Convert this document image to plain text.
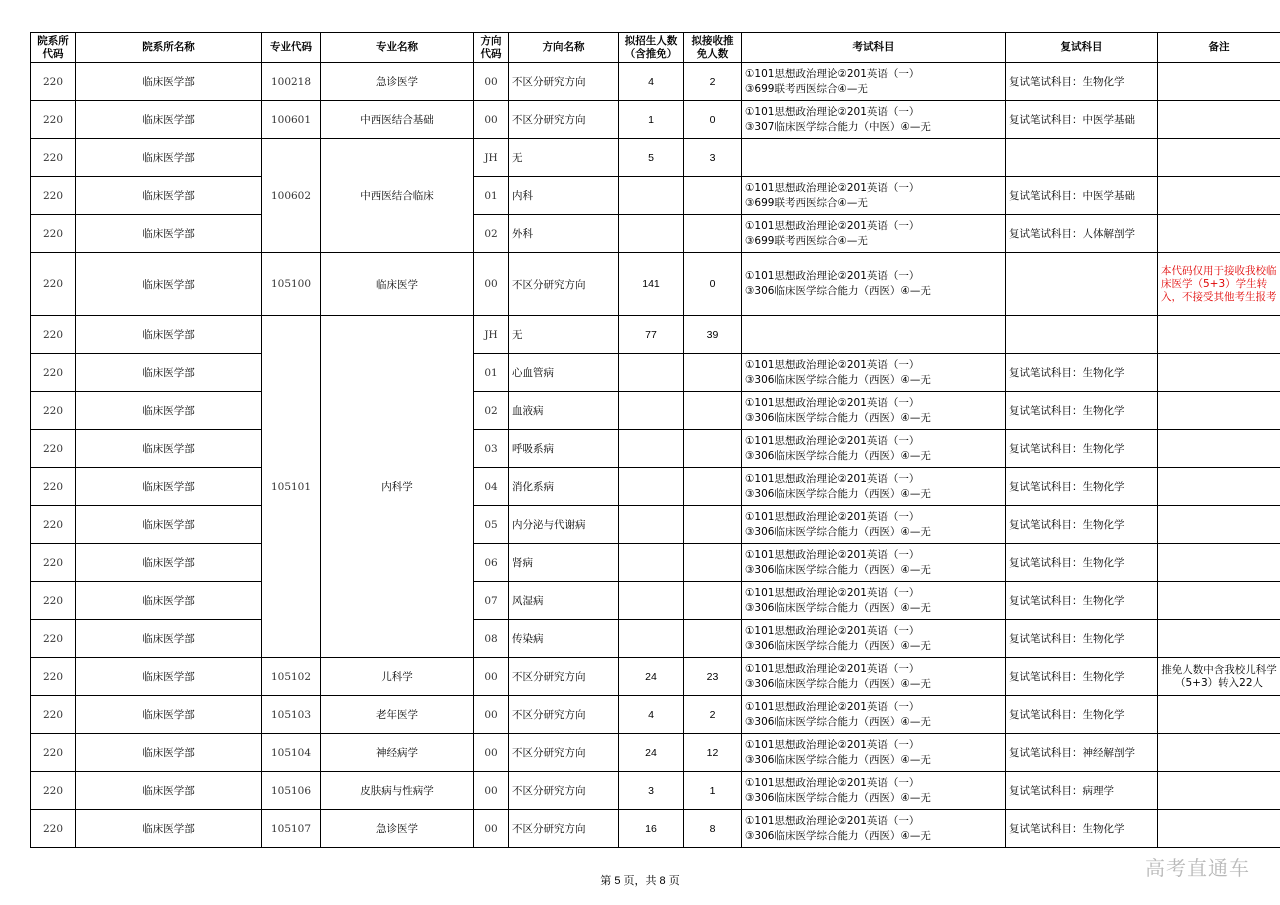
院系所代码	院系所名称	专业代码	专业名称	方向代码	方向名称	拟招生人数（含推免）	拟接收推免人数	考试科目	复试科目	备注
220	临床医学部	100218	急诊医学	00	不区分研究方向	4	2	①101思想政治理论②201英语（一）
③699联考西医综合④—无	复试笔试科目：生物化学	
220	临床医学部	100601	中西医结合基础	00	不区分研究方向	1	0	①101思想政治理论②201英语（一）
③307临床医学综合能力（中医）④—无	复试笔试科目：中医学基础	
220	临床医学部	100602	中西医结合临床	JH	无	5	3	

220	临床医学部			01	内科			①101思想政治理论②201英语（一）
③699联考西医综合④—无	复试笔试科目：中医学基础	
220	临床医学部			02	外科			①101思想政治理论②201英语（一）
③699联考西医综合④—无	复试笔试科目：人体解剖学	
220	临床医学部	105100	临床医学	00	不区分研究方向	141	0	①101思想政治理论②201英语（一）
③306临床医学综合能力（西医）④—无		本代码仅用于接收我校临床医学（5+3）学生转入，不接受其他考生报考
220	临床医学部	105101	内科学	JH	无	77	39	

220	临床医学部			01	心血管病			①101思想政治理论②201英语（一）
③306临床医学综合能力（西医）④—无	复试笔试科目：生物化学	
220	临床医学部			02	血液病			①101思想政治理论②201英语（一）
③306临床医学综合能力（西医）④—无	复试笔试科目：生物化学	
220	临床医学部			03	呼吸系病			①101思想政治理论②201英语（一）
③306临床医学综合能力（西医）④—无	复试笔试科目：生物化学	
220	临床医学部			04	消化系病			①101思想政治理论②201英语（一）
③306临床医学综合能力（西医）④—无	复试笔试科目：生物化学	
220	临床医学部			05	内分泌与代谢病			①101思想政治理论②201英语（一）
③306临床医学综合能力（西医）④—无	复试笔试科目：生物化学	
220	临床医学部			06	肾病			①101思想政治理论②201英语（一）
③306临床医学综合能力（西医）④—无	复试笔试科目：生物化学	
220	临床医学部			07	风湿病			①101思想政治理论②201英语（一）
③306临床医学综合能力（西医）④—无	复试笔试科目：生物化学	
220	临床医学部			08	传染病			①101思想政治理论②201英语（一）
③306临床医学综合能力（西医）④—无	复试笔试科目：生物化学	
220	临床医学部	105102	儿科学	00	不区分研究方向	24	23	①101思想政治理论②201英语（一）
③306临床医学综合能力（西医）④—无	复试笔试科目：生物化学	推免人数中含我校儿科学（5+3）转入22人
220	临床医学部	105103	老年医学	00	不区分研究方向	4	2	①101思想政治理论②201英语（一）
③306临床医学综合能力（西医）④—无	复试笔试科目：生物化学	
220	临床医学部	105104	神经病学	00	不区分研究方向	24	12	①101思想政治理论②201英语（一）
③306临床医学综合能力（西医）④—无	复试笔试科目：神经解剖学	
220	临床医学部	105106	皮肤病与性病学	00	不区分研究方向	3	1	①101思想政治理论②201英语（一）
③306临床医学综合能力（西医）④—无	复试笔试科目：病理学	
220	临床医学部	105107	急诊医学	00	不区分研究方向	16	8	①101思想政治理论②201英语（一）
③306临床医学综合能力（西医）④—无	复试笔试科目：生物化学	
第 5 页，共 8 页
高考直通车
